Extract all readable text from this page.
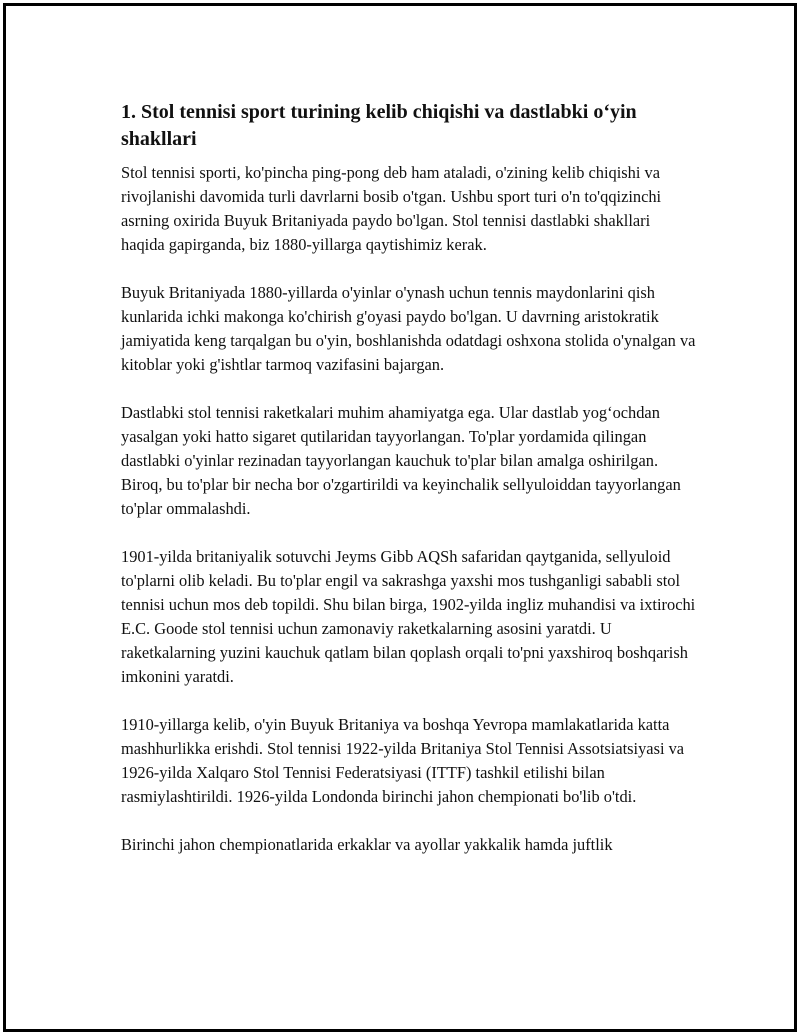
1. Stol tennisi sport turining kelib chiqishi va dastlabki o‘yin shakllari

Stol tennisi sporti, ko'pincha ping-pong deb ham ataladi, o'zining kelib chiqishi va rivojlanishi davomida turli davrlarni bosib o'tgan. Ushbu sport turi o'n to'qqizinchi asrning oxirida Buyuk Britaniyada paydo bo'lgan. Stol tennisi dastlabki shakllari haqida gapirganda, biz 1880-yillarga qaytishimiz kerak.

Buyuk Britaniyada 1880-yillarda o'yinlar o'ynash uchun tennis maydonlarini qish kunlarida ichki makonga ko'chirish g'oyasi paydo bo'lgan. U davrning aristokratik jamiyatida keng tarqalgan bu o'yin, boshlanishda odatdagi oshxona stolida o'ynalgan va kitoblar yoki g'ishtlar tarmoq vazifasini bajargan.

Dastlabki stol tennisi raketkalari muhim ahamiyatga ega. Ular dastlab yog‘ochdan yasalgan yoki hatto sigaret qutilaridan tayyorlangan. To'plar yordamida qilingan dastlabki o'yinlar rezinadan tayyorlangan kauchuk to'plar bilan amalga oshirilgan. Biroq, bu to'plar bir necha bor o'zgartirildi va keyinchalik sellyuloiddan tayyorlangan to'plar ommalashdi.

1901-yilda britaniyalik sotuvchi Jeyms Gibb AQSh safaridan qaytganida, sellyuloid to'plarni olib keladi. Bu to'plar engil va sakrashga yaxshi mos tushganligi sababli stol tennisi uchun mos deb topildi. Shu bilan birga, 1902-yilda ingliz muhandisi va ixtirochi E.C. Goode stol tennisi uchun zamonaviy raketkalarning asosini yaratdi. U raketkalarning yuzini kauchuk qatlam bilan qoplash orqali to'pni yaxshiroq boshqarish imkonini yaratdi.

1910-yillarga kelib, o'yin Buyuk Britaniya va boshqa Yevropa mamlakatlarida katta mashhurlikka erishdi. Stol tennisi 1922-yilda Britaniya Stol Tennisi Assotsiatsiyasi va 1926-yilda Xalqaro Stol Tennisi Federatsiyasi (ITTF) tashkil etilishi bilan rasmiylashtirildi. 1926-yilda Londonda birinchi jahon chempionati bo'lib o'tdi.

Birinchi jahon chempionatlarida erkaklar va ayollar yakkalik hamda juftlik
